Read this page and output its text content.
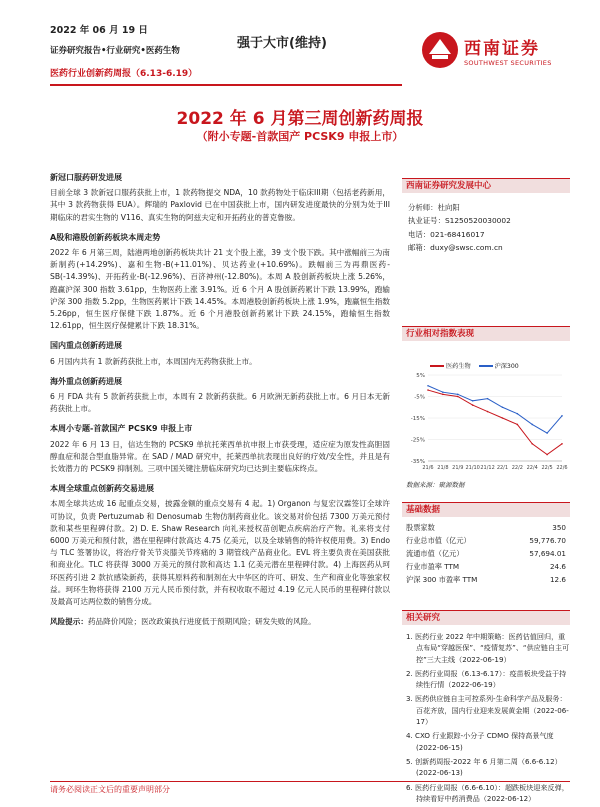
2022 年 06 月 19 日
证券研究报告•行业研究•医药生物
医药行业创新药周报（6.13-6.19）
强于大市(维持)	西南证券
SOUTHWEST SECURITIES
2022 年 6 月第三周创新药周报
（附小专题-首款国产 PCSK9 申报上市）
新冠口服药研发进展

目前全球 3 款新冠口服药获批上市，1 款药物提交 NDA，10 款药物处于临床III期（包括老药新用，其中 3 款药物获得 EUA）。辉瑞的 Paxlovid 已在中国获批上市，国内研发进度最快的分别为处于III期临床的君实生物的 V116、真实生物的阿兹夫定和开拓药业的普克鲁胺。

A股和港股创新药板块本周走势

2022 年 6 月第三周，陆港两地创新药板块共计 21 支个股上涨，39 支个股下跌。其中涨幅前三为南新制药(+14.29%)、嘉和生物-B(+11.01%)、贝达药业(+10.69%)。跌幅前三为再鼎医药-SB(-14.39%)、开拓药业-B(-12.96%)、百济神州(-12.80%)。本周 A 股创新药板块上涨 5.26%，跑赢沪深 300 指数 3.61pp，生物医药上涨 3.91%。近 6 个月 A 股创新药累计下跌 13.99%，跑输沪深 300 指数 5.2pp，生物医药累计下跌 14.45%。本周港股创新药板块上涨 1.9%，跑赢恒生指数 5.26pp，恒生医疗保健下跌 1.87%。近 6 个月港股创新药累计下跌 24.15%，跑输恒生指数 12.61pp，恒生医疗保健累计下跌 18.31%。

国内重点创新药进展

6 月国内共有 1 款新药获批上市，本周国内无药物获批上市。

海外重点创新药进展

6 月 FDA 共有 5 款新药获批上市，本周有 2 款新药获批。6 月欧洲无新药获批上市。6 月日本无新药获批上市。

本周小专题-首款国产 PCSK9 申报上市

2022 年 6 月 13 日，信达生物的 PCSK9 单抗托莱西单抗申报上市获受理，适应症为原发性高胆固醇血症和混合型血脂异常。在 SAD / MAD 研究中，托莱西单抗表现出良好的疗效/安全性，并且是有长效潜力的 PCSK9 抑制剂。三项中国关键注册临床研究均已达到主要临床终点。

本周全球重点创新药交易进展

本周全球共达成 16 起重点交易，披露金额的重点交易有 4 起。1) Organon 与复宏汉霖签订全球许可协议，负责 Pertuzumab 和 Denosumab 生物仿制药商业化。该交易对价包括 7300 万美元预付款和某些里程碑付款。2) D. E. Shaw Research 向礼来授权苗创靶点疾病治疗产物。礼来将支付 6000 万美元和预付款，潜在里程碑付款高达 4.75 亿美元，以及全球销售的特许权使用费。3) Endo 与 TLC 签署协议，将治疗骨关节炎膝关节疼痛的 3 期管线产品商业化。EVL 将主要负责在美国获批和商业化。TLC 将获得 3000 万美元的预付款和高达 1.1 亿美元潜在里程碑付款。4) 上海医药从珂环医药引进 2 款抗感染新药，获得其原料药和制剂在大中华区的许可、研发、生产和商业化等独家权益。珂环生物将获得 2100 万元人民币预付款，并有权收取不超过 4.19 亿元人民币的里程碑付款以及最高可达两位数的销售分成。

风险提示：药品降价风险；医改政策执行进度低于预期风险；研发失败的风险。

西南证券研究发展中心
分析师：杜向阳
执业证号：S1250520030002
电话：021-68416017
邮箱：duxy@swsc.com.cn
行业相对指数表现
医药生物	沪深300
5%
-5%
-15%
-25%
-35%
21/6 21/8 21/9 21/10 21/12 22/1 22/2 22/4 22/5 22/6
数据来源：聚源数据
基础数据
股票家数	350
行业总市值（亿元）	59,776.70
流通市值（亿元）	57,694.01
行业市盈率 TTM	24.6
沪深 300 市盈率 TTM	12.6
相关研究
1. 医药行业 2022 年中期策略：医药估值回归，重点布局“穿越医保”、“疫情复苏”、“供应链自主可控”三大主线（2022-06-19）
2. 医药行业周报（6.13-6.17）：疫苗板块受益于持续性行情（2022-06-19）
3. 医药供应链自主可控系列-生命科学产品及服务：百花齐放，国内行业迎来发展黄金期（2022-06-17）
4. CXO 行业跟踪-小分子 CDMO 保持高景气度 (2022-06-15)
5. 创新药周报-2022 年 6 月第二周（6.6-6.12）(2022-06-13)
6. 医药行业周报（6.6-6.10）：超跌板块迎来反弹，持续看好中药消费品（2022-06-12）
请务必阅读正文后的重要声明部分
